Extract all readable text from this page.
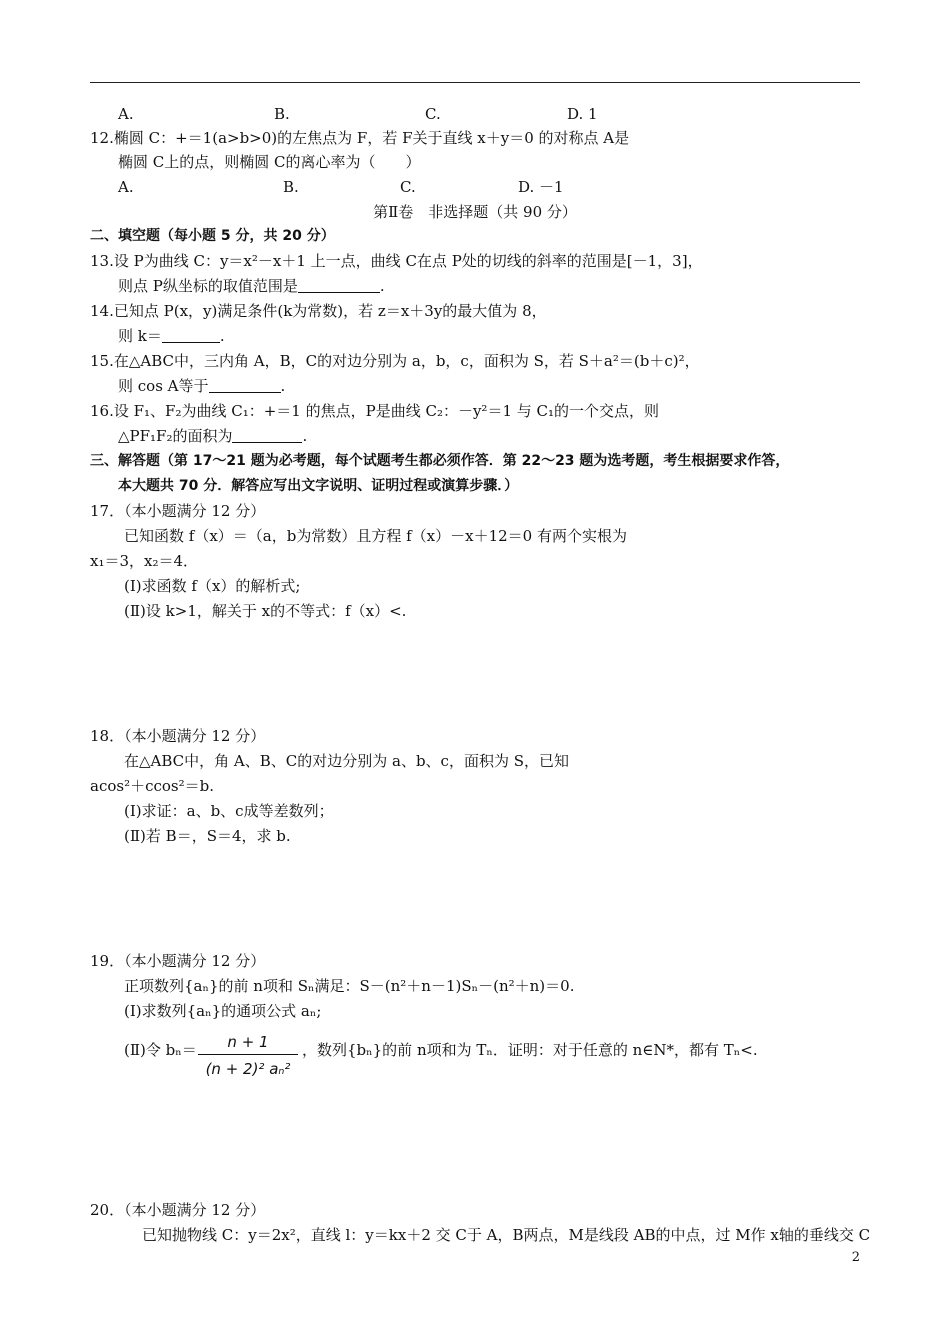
A.	B.	C.	D. 1
12.椭圆 C：+＝1(a>b>0)的左焦点为 F，若 F关于直线 x＋y＝0 的对称点 A是
椭圆 C上的点，则椭圆 C的离心率为（　　）
A.	B.	C.	D. －1
第Ⅱ卷　非选择题（共 90 分）
二、填空题（每小题 5 分，共 20 分）
13.设 P为曲线 C：y＝x²－x＋1 上一点，曲线 C在点 P处的切线的斜率的范围是[－1，3]，
则点 P纵坐标的取值范围是	.
14.已知点 P(x，y)满足条件(k为常数)，若 z＝x＋3y的最大值为 8，
则 k＝	.
15.在△ABC中，三内角 A，B，C的对边分别为 a，b，c，面积为 S，若 S＋a²＝(b＋c)²，
则 cos A等于	.
16.设 F₁、F₂为曲线 C₁：+＝1 的焦点，P是曲线 C₂：－y²＝1 与 C₁的一个交点，则
△PF₁F₂的面积为	.
三、解答题（第 17～21 题为必考题，每个试题考生都必须作答．第 22～23 题为选考题，考生根据要求作答，
本大题共 70 分．解答应写出文字说明、证明过程或演算步骤．）
17．（本小题满分 12 分）
已知函数 f（x）＝（a，b为常数）且方程 f（x）－x＋12＝0 有两个实根为
x₁＝3，x₂＝4．
(Ⅰ)求函数 f（x）的解析式;
(Ⅱ)设 k>1，解关于 x的不等式：f（x）<.
18．（本小题满分 12 分）
在△ABC中，角 A、B、C的对边分别为 a、b、c，面积为 S，已知
acos²＋ccos²＝b.
(Ⅰ)求证：a、b、c成等差数列；
(Ⅱ)若 B＝，S＝4，求 b.
19．（本小题满分 12 分）
正项数列{aₙ}的前 n项和 Sₙ满足：S－(n²＋n－1)Sₙ－(n²＋n)＝0.
(Ⅰ)求数列{aₙ}的通项公式 aₙ;
(Ⅱ)令 bₙ＝	n + 1
(n + 2)² aₙ²
，数列{bₙ}的前 n项和为 Tₙ．证明：对于任意的 n∈N*，都有 Tₙ<.
20．（本小题满分 12 分）
已知抛物线 C：y＝2x²，直线 l：y＝kx＋2 交 C于 A，B两点，M是线段 AB的中点，过 M作 x轴的垂线交 C
2
